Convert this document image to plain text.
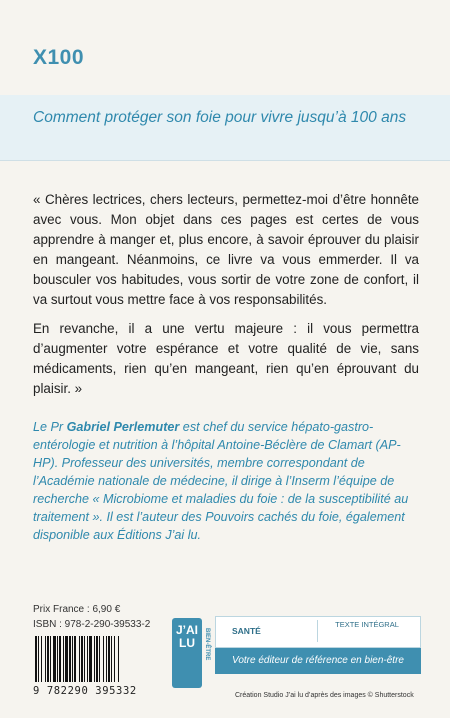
X100
Comment protéger son foie pour vivre jusqu’à 100 ans

« Chères lectrices, chers lecteurs, permettez-moi d’être honnête avec vous. Mon objet dans ces pages est certes de vous apprendre à manger et, plus encore, à savoir éprouver du plaisir en mangeant. Néanmoins, ce livre va vous emmerder. Il va bousculer vos habitudes, vous sortir de votre zone de confort, il va surtout vous mettre face à vos responsabilités.

En revanche, il a une vertu majeure : il vous permettra d’augmenter votre espérance et votre qualité de vie, sans médicaments, rien qu’en mangeant, rien qu’en éprouvant du plaisir. »

Le Pr Gabriel Perlemuter est chef du service hépato-gastro-entérologie et nutrition à l’hôpital Antoine-Béclère de Clamart (AP-HP). Professeur des universités, membre correspondant de l’Académie nationale de médecine, il dirige à l’Inserm l’équipe de recherche « Microbiome et maladies du foie : de la susceptibilité au traitement ». Il est l’auteur des Pouvoirs cachés du foie, également disponible aux Éditions J’ai lu.
Prix France : 6,90 €
ISBN : 978-2-290-39533-2
9 782290 395332
J’AI LU	BIEN-ÊTRE	SANTÉ
TEXTE INTÉGRAL
Votre éditeur de référence en bien-être
Création Studio J’ai lu d’après des images © Shutterstock
